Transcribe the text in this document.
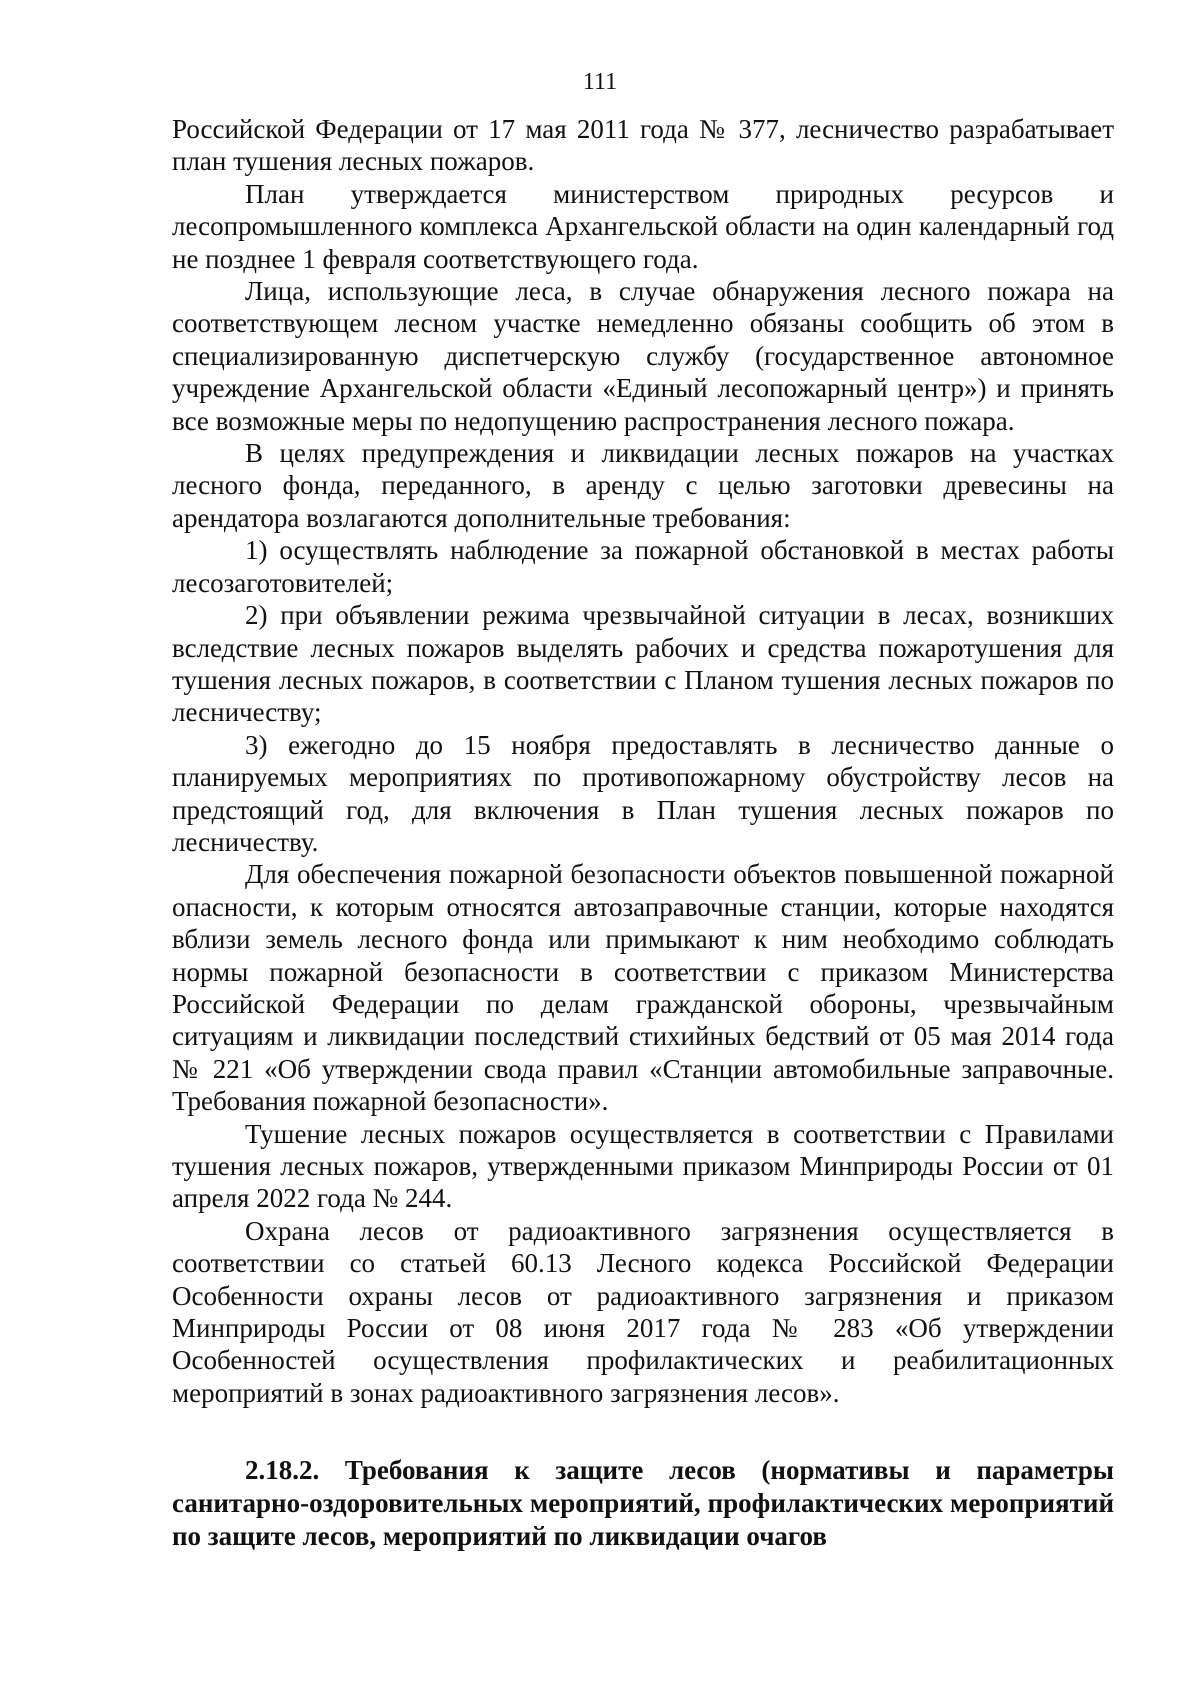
111

Российской Федерации от 17 мая 2011 года № 377, лесничество разрабатывает план тушения лесных пожаров.

План утверждается министерством природных ресурсов и лесопромышленного комплекса Архангельской области на один календарный год не позднее 1 февраля соответствующего года.

Лица, использующие леса, в случае обнаружения лесного пожара на соответствующем лесном участке немедленно обязаны сообщить об этом в специализированную диспетчерскую службу (государственное автономное учреждение Архангельской области «Единый лесопожарный центр») и принять все возможные меры по недопущению распространения лесного пожара.

В целях предупреждения и ликвидации лесных пожаров на участках лесного фонда, переданного, в аренду с целью заготовки древесины на арендатора возлагаются дополнительные требования:

1) осуществлять наблюдение за пожарной обстановкой в местах работы лесозаготовителей;

2) при объявлении режима чрезвычайной ситуации в лесах, возникших вследствие лесных пожаров выделять рабочих и средства пожаротушения для тушения лесных пожаров, в соответствии с Планом тушения лесных пожаров по лесничеству;

3) ежегодно до 15 ноября предоставлять в лесничество данные о планируемых мероприятиях по противопожарному обустройству лесов на предстоящий год, для включения в План тушения лесных пожаров по лесничеству.

Для обеспечения пожарной безопасности объектов повышенной пожарной опасности, к которым относятся автозаправочные станции, которые находятся вблизи земель лесного фонда или примыкают к ним необходимо соблюдать нормы пожарной безопасности в соответствии с приказом Министерства Российской Федерации по делам гражданской обороны, чрезвычайным ситуациям и ликвидации последствий стихийных бедствий от 05 мая 2014 года № 221 «Об утверждении свода правил «Станции автомобильные заправочные. Требования пожарной безопасности».

Тушение лесных пожаров осуществляется в соответствии с Правилами тушения лесных пожаров, утвержденными приказом Минприроды России от 01 апреля 2022 года № 244.

Охрана лесов от радиоактивного загрязнения осуществляется в соответствии со статьей 60.13 Лесного кодекса Российской Федерации Особенности охраны лесов от радиоактивного загрязнения и приказом Минприроды России от 08 июня 2017 года № 283 «Об утверждении Особенностей осуществления профилактических и реабилитационных мероприятий в зонах радиоактивного загрязнения лесов».

2.18.2. Требования к защите лесов (нормативы и параметры санитарно-оздоровительных мероприятий, профилактических мероприятий по защите лесов, мероприятий по ликвидации очагов
